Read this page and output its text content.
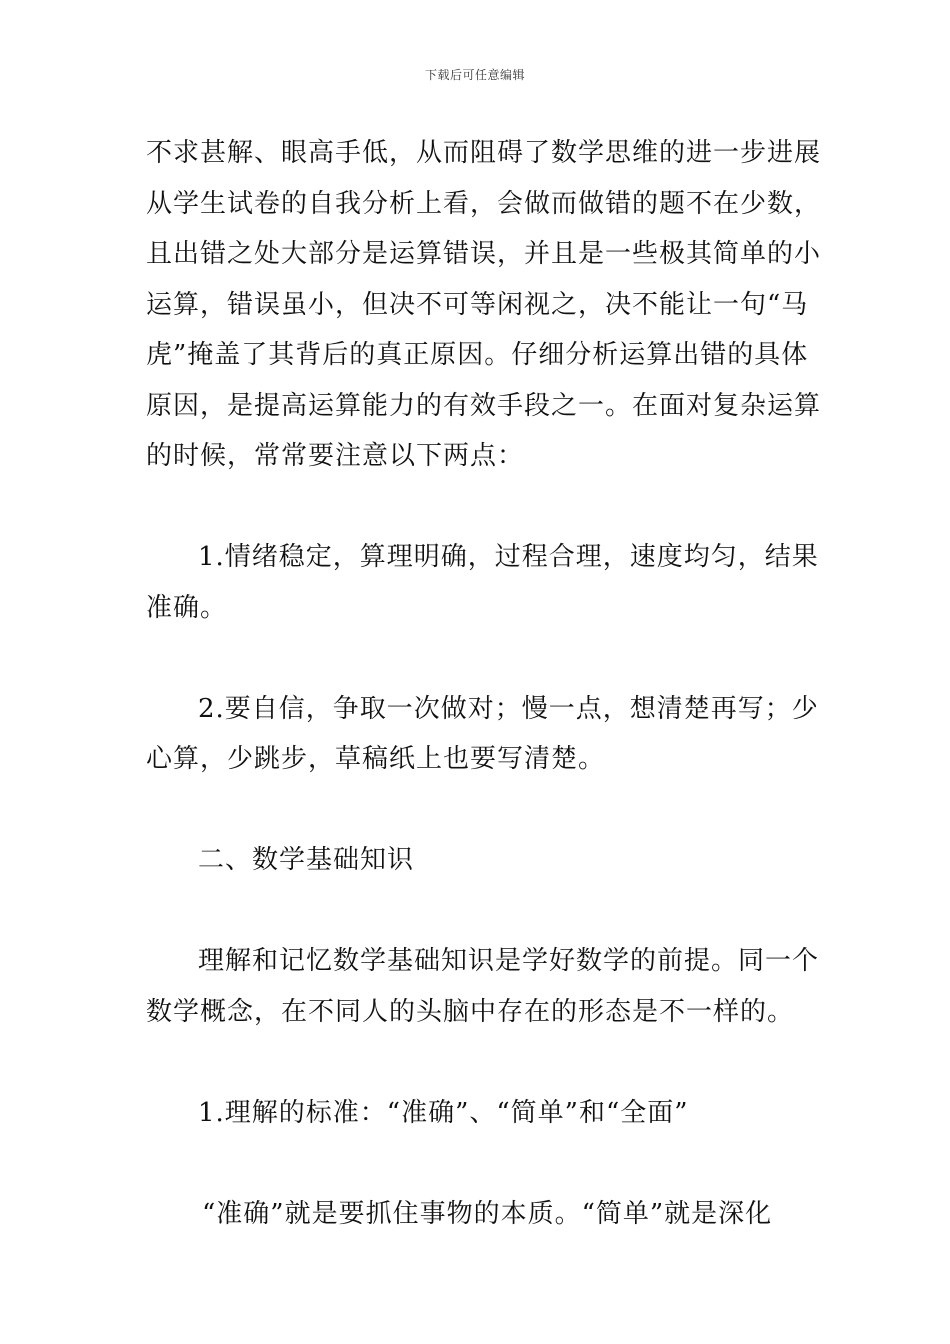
下载后可任意编辑
不求甚解、眼高手低，从而阻碍了数学思维的进一步进展
从学生试卷的自我分析上看，会做而做错的题不在少数，
且出错之处大部分是运算错误，并且是一些极其简单的小
运算，错误虽小，但决不可等闲视之，决不能让一句“马
虎”掩盖了其背后的真正原因。仔细分析运算出错的具体
原因，是提高运算能力的有效手段之一。在面对复杂运算
的时候，常常要注意以下两点：
1.情绪稳定，算理明确，过程合理，速度均匀，结果
准确。
2.要自信，争取一次做对；慢一点，想清楚再写；少
心算，少跳步，草稿纸上也要写清楚。
二、数学基础知识
理解和记忆数学基础知识是学好数学的前提。同一个
数学概念，在不同人的头脑中存在的形态是不一样的。
1.理解的标准：“准确”、“简单”和“全面”
“准确”就是要抓住事物的本质。“简单”就是深化
